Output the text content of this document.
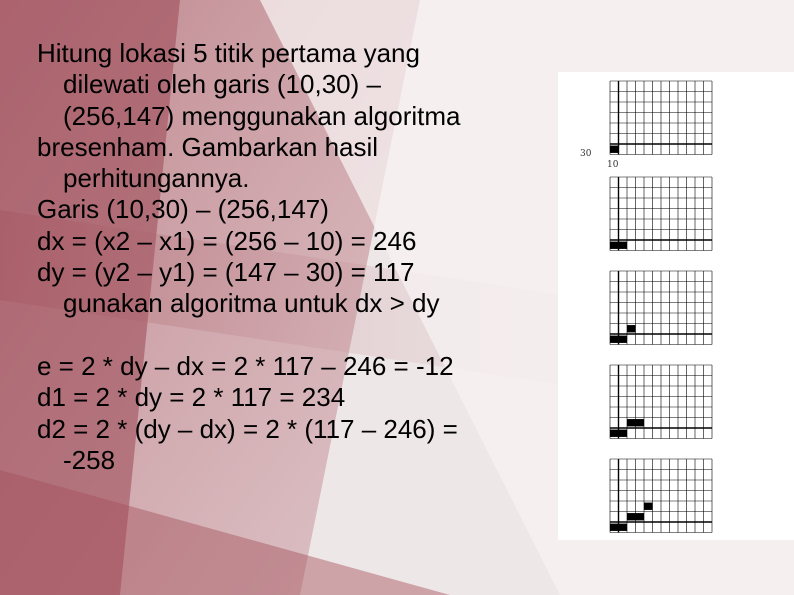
Hitung lokasi 5 titik pertama yang
dilewati oleh garis (10,30) –
(256,147) menggunakan algoritma
bresenham. Gambarkan hasil
perhitungannya.
Garis (10,30) – (256,147)
dx = (x2 – x1) = (256 – 10) = 246
dy = (y2 – y1) = (147 – 30) = 117
gunakan algoritma untuk dx > dy
e = 2 * dy – dx = 2 * 117 – 246 = -12
d1 = 2 * dy = 2 * 117 = 234
d2 = 2 * (dy – dx) = 2 * (117 – 246) =
-258
30
10
